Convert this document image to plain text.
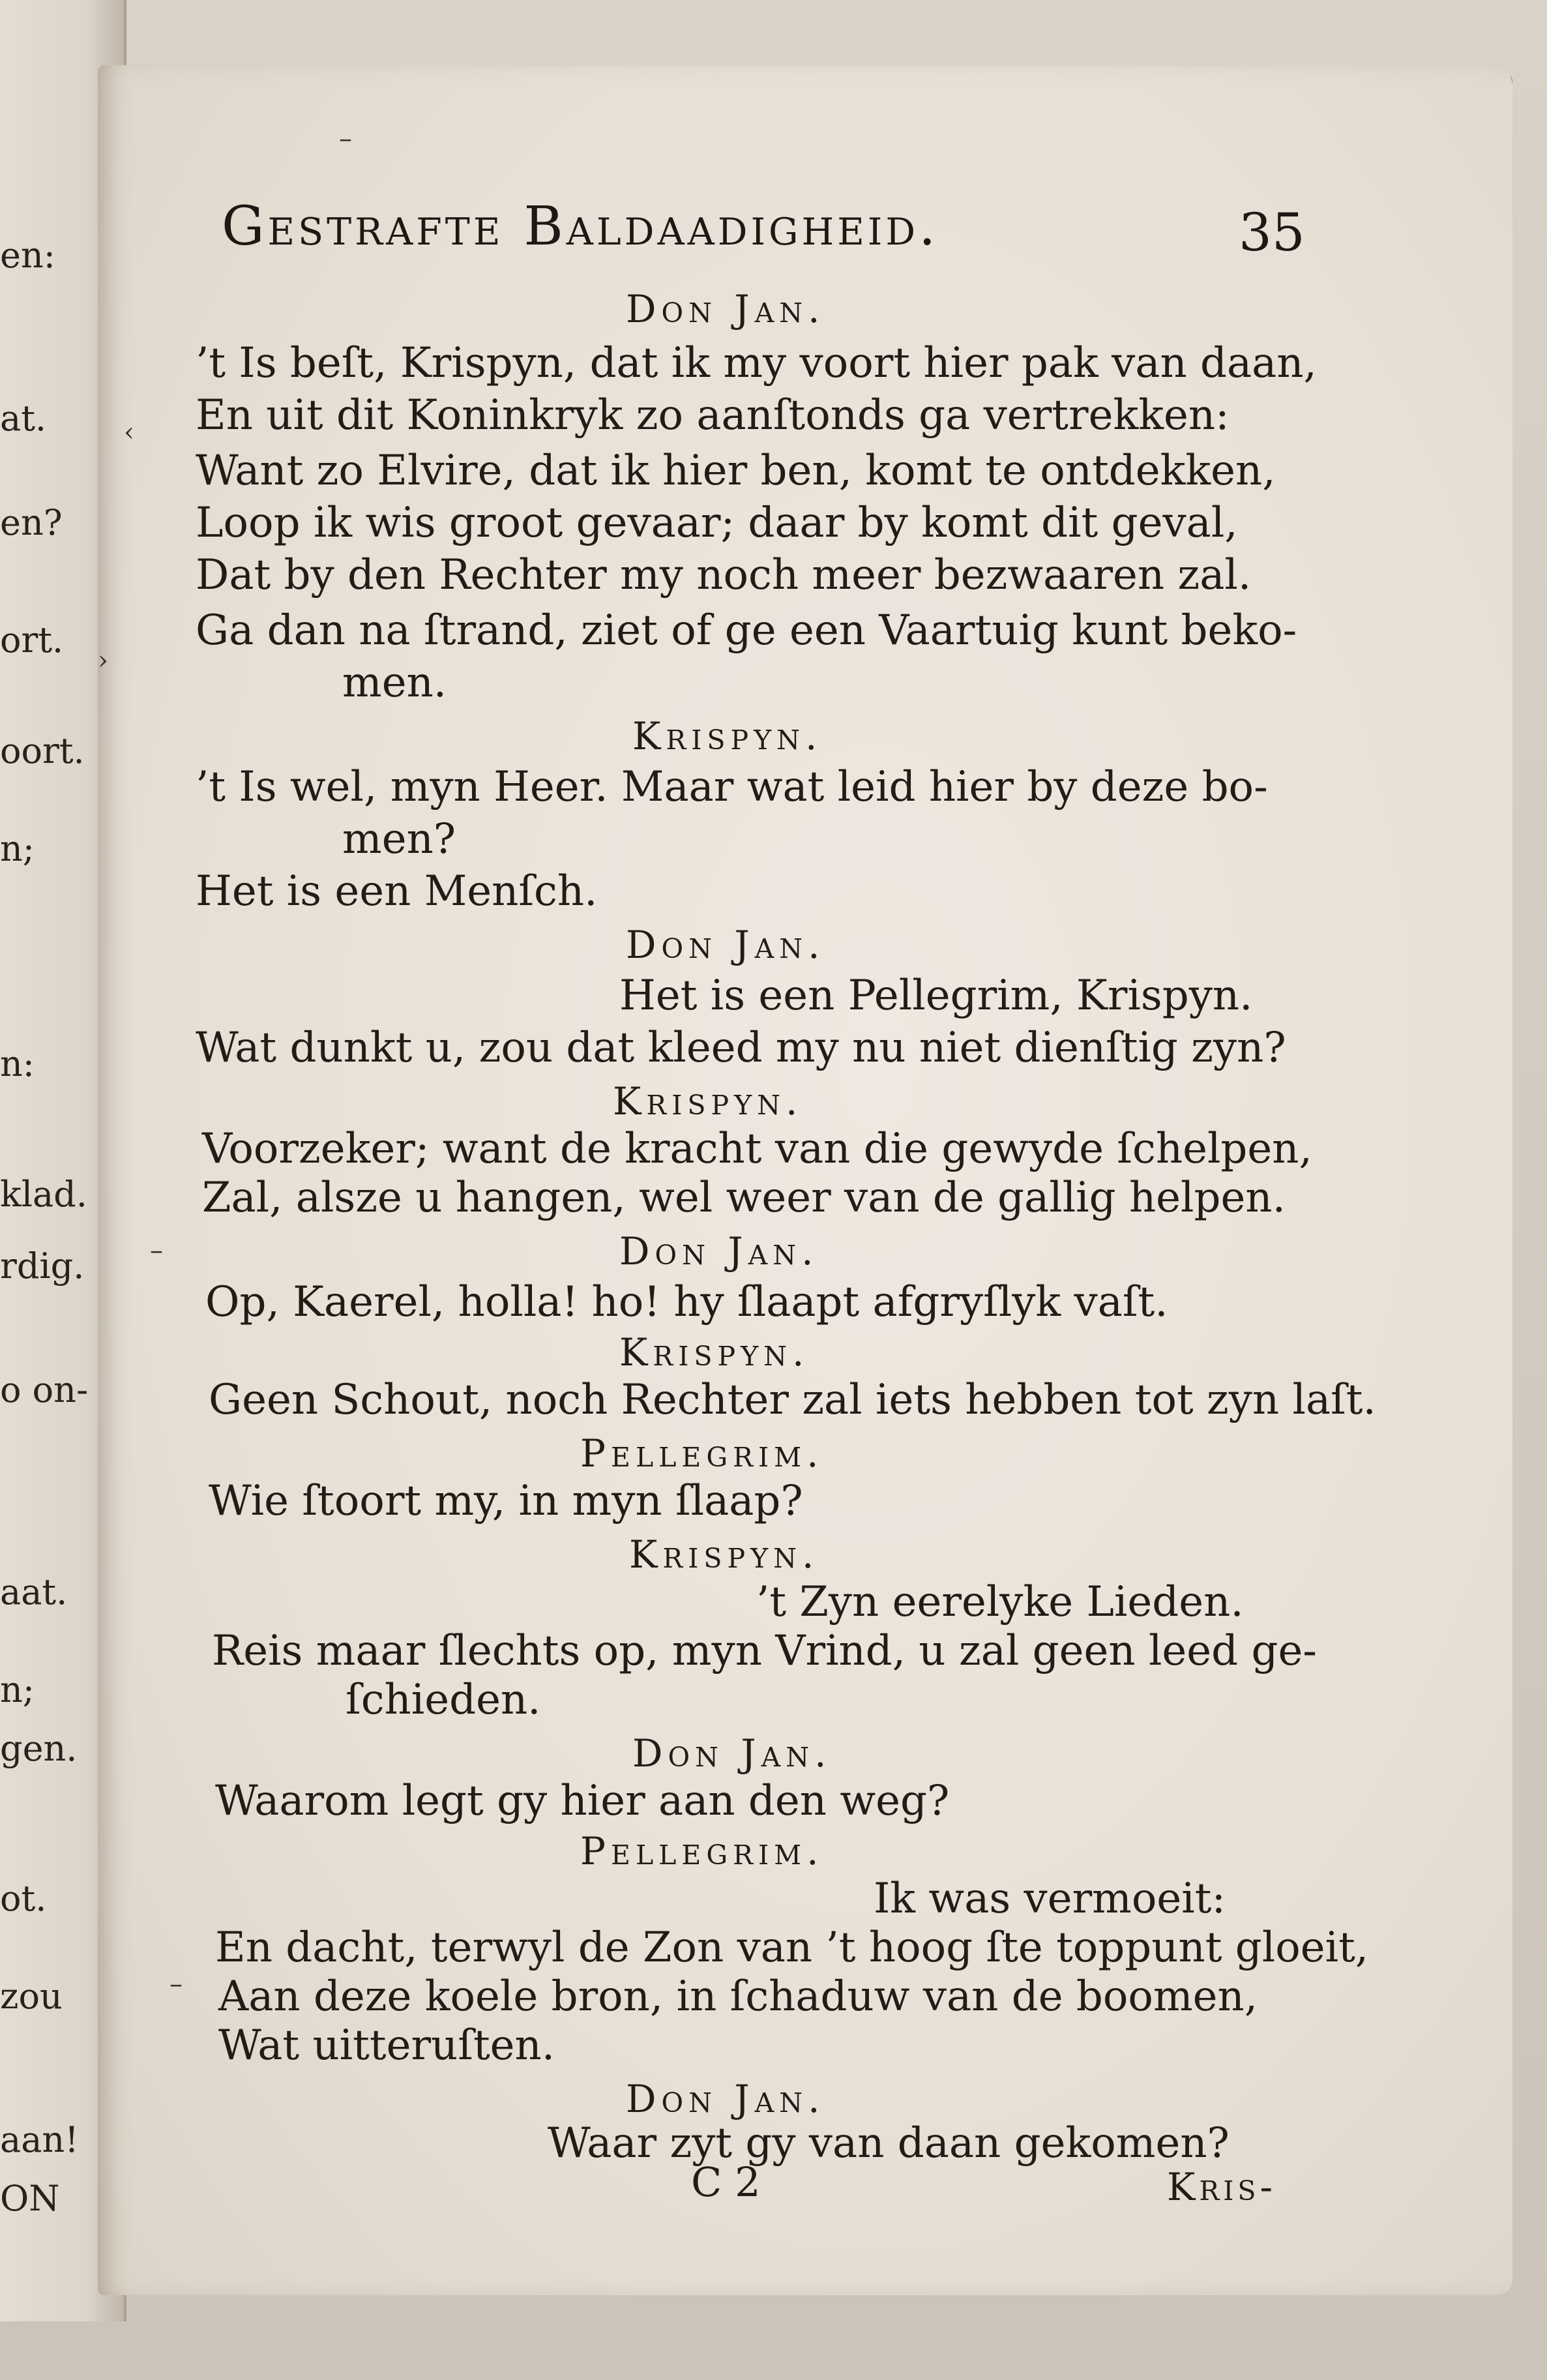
en:
at.
en?
ort.
oort.
n;
n:
klad.
rdig.
o on-
aat.
n;
gen.
ot.
zou
aan!
ON
–
‹
›
–
–
Gestrafte Baldaadigheid.	35
Don Jan.
’t Is beſt, Krispyn, dat ik my voort hier pak van daan,
En uit dit Koninkryk zo aanſtonds ga vertrekken:
Want zo Elvire, dat ik hier ben, komt te ontdekken,
Loop ik wis groot gevaar; daar by komt dit geval,
Dat by den Rechter my noch meer bezwaaren zal.
Ga dan na ſtrand, ziet of ge een Vaartuig kunt beko-
men.
Krispyn.
’t Is wel, myn Heer. Maar wat leid hier by deze bo-
men?
Het is een Menſch.
Don Jan.
Het is een Pellegrim, Krispyn.
Wat dunkt u, zou dat kleed my nu niet dienſtig zyn?
Krispyn.
Voorzeker; want de kracht van die gewyde ſchelpen,
Zal, alsze u hangen, wel weer van de gallig helpen.
Don Jan.
Op, Kaerel, holla! ho! hy ſlaapt afgryſlyk vaſt.
Krispyn.
Geen Schout, noch Rechter zal iets hebben tot zyn laſt.
Pellegrim.
Wie ſtoort my, in myn ſlaap?
Krispyn.
’t Zyn eerelyke Lieden.
Reis maar ſlechts op, myn Vrind, u zal geen leed ge-
ſchieden.
Don Jan.
Waarom legt gy hier aan den weg?
Pellegrim.
Ik was vermoeit:
En dacht, terwyl de Zon van ’t hoog ſte toppunt gloeit,
Aan deze koele bron, in ſchaduw van de boomen,
Wat uitteruſten.
Don Jan.
Waar zyt gy van daan gekomen?
C 2	Kris-
